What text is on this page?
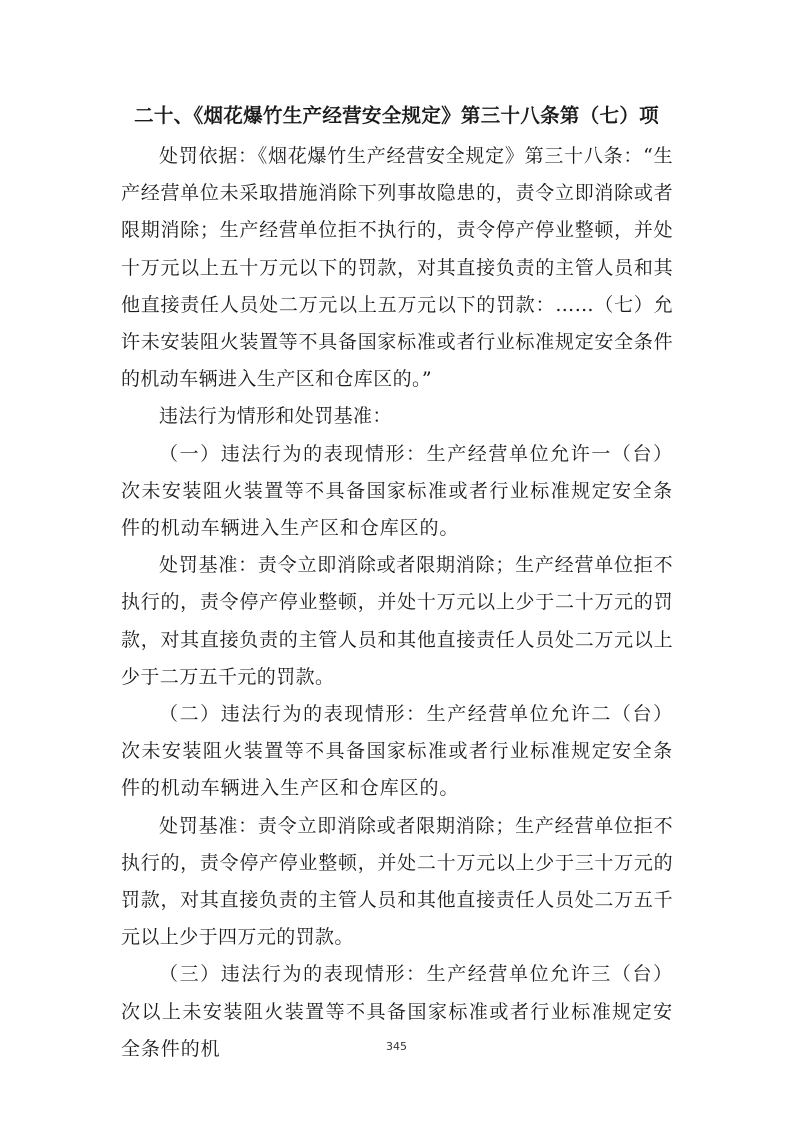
二十、《烟花爆竹生产经营安全规定》第三十八条第（七）项

处罚依据：《烟花爆竹生产经营安全规定》第三十八条：“生产经营单位未采取措施消除下列事故隐患的，责令立即消除或者限期消除；生产经营单位拒不执行的，责令停产停业整顿，并处十万元以上五十万元以下的罚款，对其直接负责的主管人员和其他直接责任人员处二万元以上五万元以下的罚款：……（七）允许未安装阻火装置等不具备国家标准或者行业标准规定安全条件的机动车辆进入生产区和仓库区的。”

违法行为情形和处罚基准：

（一）违法行为的表现情形：生产经营单位允许一（台）次未安装阻火装置等不具备国家标准或者行业标准规定安全条件的机动车辆进入生产区和仓库区的。

处罚基准：责令立即消除或者限期消除；生产经营单位拒不执行的，责令停产停业整顿，并处十万元以上少于二十万元的罚款，对其直接负责的主管人员和其他直接责任人员处二万元以上少于二万五千元的罚款。

（二）违法行为的表现情形：生产经营单位允许二（台）次未安装阻火装置等不具备国家标准或者行业标准规定安全条件的机动车辆进入生产区和仓库区的。

处罚基准：责令立即消除或者限期消除；生产经营单位拒不执行的，责令停产停业整顿，并处二十万元以上少于三十万元的罚款，对其直接负责的主管人员和其他直接责任人员处二万五千元以上少于四万元的罚款。

（三）违法行为的表现情形：生产经营单位允许三（台）次以上未安装阻火装置等不具备国家标准或者行业标准规定安全条件的机	345
